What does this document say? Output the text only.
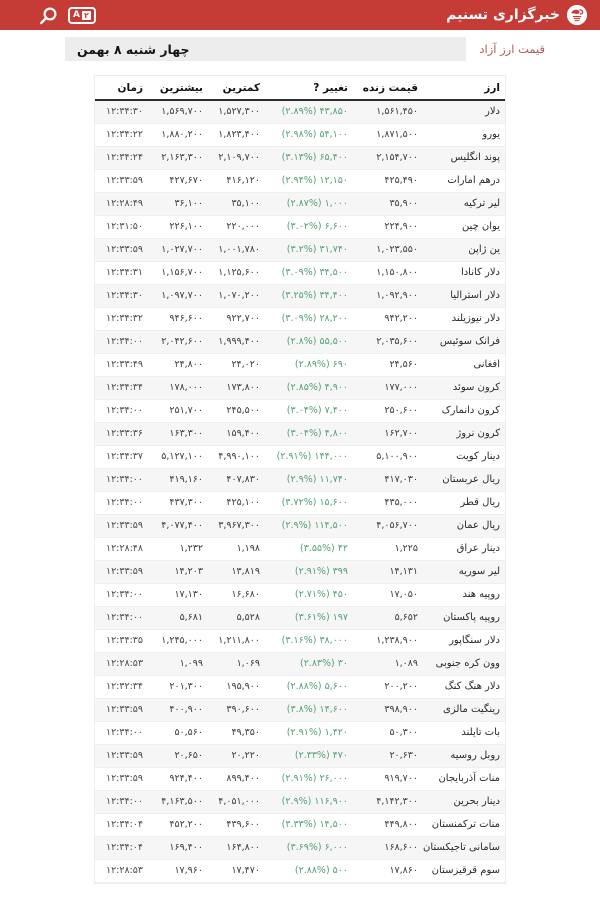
خبرگزاری تسنیم
A ٢
قیمت ارز آزاد
چهار شنبه ۸ بهمن
ارز	قیمت زنده	تغییر ?	کمترین	بیشترین	زمان
دلار	۱,۵۶۱,۴۵۰	(۲.۸۹%) ۴۳,۸۵۰	۱,۵۲۷,۳۰۰	۱,۵۶۹,۷۰۰	۱۲:۳۴:۳۰
یورو	۱,۸۷۱,۵۰۰	(۲.۹۸%) ۵۴,۱۰۰	۱,۸۲۳,۴۰۰	۱,۸۸۰,۲۰۰	۱۲:۳۴:۲۲
پوند انگلیس	۲,۱۵۴,۷۰۰	(۳.۱۳%) ۶۵,۴۰۰	۲,۱۰۹,۷۰۰	۲,۱۶۳,۳۰۰	۱۲:۳۴:۲۴
درهم امارات	۴۲۵,۴۹۰	(۲.۹۴%) ۱۲,۱۵۰	۴۱۶,۱۲۰	۴۲۷,۶۷۰	۱۲:۳۳:۵۹
لیر ترکیه	۳۵,۹۰۰	(۲.۸۷%) ۱,۰۰۰	۳۵,۱۰۰	۳۶,۱۰۰	۱۲:۲۸:۴۹
یوان چین	۲۲۴,۹۰۰	(۳.۰۲%) ۶,۶۰۰	۲۲۰,۰۰۰	۲۲۶,۱۰۰	۱۲:۳۱:۵۰
ین ژاپن	۱,۰۲۳,۵۵۰	(۳.۲%) ۳۱,۷۴۰	۱,۰۰۱,۷۸۰	۱,۰۲۷,۷۰۰	۱۲:۳۳:۵۹
دلار کانادا	۱,۱۵۰,۸۰۰	(۳.۰۹%) ۳۴,۵۰۰	۱,۱۲۵,۶۰۰	۱,۱۵۶,۷۰۰	۱۲:۳۴:۳۱
دلار استرالیا	۱,۰۹۲,۹۰۰	(۳.۲۵%) ۳۴,۴۰۰	۱,۰۷۰,۲۰۰	۱,۰۹۷,۷۰۰	۱۲:۳۴:۳۰
دلار نیوزیلند	۹۴۲,۲۰۰	(۳.۰۹%) ۲۸,۲۰۰	۹۲۲,۷۰۰	۹۴۶,۶۰۰	۱۲:۳۴:۳۲
فرانک سوئیس	۲,۰۳۵,۶۰۰	(۲.۸%) ۵۵,۵۰۰	۱,۹۹۹,۴۰۰	۲,۰۴۲,۶۰۰	۱۲:۳۴:۰۰
افغانی	۲۴,۵۶۰	(۲.۸۹%) ۶۹۰	۲۴,۰۲۰	۲۴,۸۰۰	۱۲:۳۳:۴۹
کرون سوئد	۱۷۷,۰۰۰	(۲.۸۵%) ۴,۹۰۰	۱۷۳,۸۰۰	۱۷۸,۰۰۰	۱۲:۳۴:۳۴
کرون دانمارک	۲۵۰,۶۰۰	(۳.۰۴%) ۷,۴۰۰	۲۴۵,۵۰۰	۲۵۱,۷۰۰	۱۲:۳۴:۰۰
کرون نروژ	۱۶۲,۷۰۰	(۳.۰۴%) ۴,۸۰۰	۱۵۹,۴۰۰	۱۶۳,۳۰۰	۱۲:۳۳:۳۶
دینار کویت	۵,۱۰۰,۹۰۰	(۲.۹۱%) ۱۴۴,۰۰۰	۴,۹۹۰,۱۰۰	۵,۱۲۷,۱۰۰	۱۲:۳۴:۳۷
ریال عربستان	۴۱۷,۰۳۰	(۲.۹%) ۱۱,۷۴۰	۴۰۷,۸۳۰	۴۱۹,۱۶۰	۱۲:۳۴:۰۰
ریال قطر	۴۳۵,۰۰۰	(۳.۷۲%) ۱۵,۶۰۰	۴۲۵,۱۰۰	۴۳۷,۳۰۰	۱۲:۳۴:۰۰
ریال عمان	۴,۰۵۶,۷۰۰	(۲.۹%) ۱۱۴,۵۰۰	۳,۹۶۷,۳۰۰	۴,۰۷۷,۴۰۰	۱۲:۳۳:۵۹
دینار عراق	۱,۲۲۵	(۳.۵۵%) ۴۲	۱,۱۹۸	۱,۲۳۲	۱۲:۲۸:۴۸
لیر سوریه	۱۴,۱۳۱	(۲.۹۱%) ۳۹۹	۱۳,۸۱۹	۱۴,۲۰۳	۱۲:۳۳:۵۹
روپیه هند	۱۷,۰۵۰	(۲.۷۱%) ۴۵۰	۱۶,۶۸۰	۱۷,۱۳۰	۱۲:۳۴:۰۰
روپیه پاکستان	۵,۶۵۲	(۳.۶۱%) ۱۹۷	۵,۵۲۸	۵,۶۸۱	۱۲:۳۴:۰۰
دلار سنگاپور	۱,۲۳۸,۹۰۰	(۳.۱۶%) ۳۸,۰۰۰	۱,۲۱۱,۸۰۰	۱,۲۴۵,۰۰۰	۱۲:۳۴:۳۵
وون کره جنوبی	۱,۰۸۹	(۲.۸۳%) ۳۰	۱,۰۶۹	۱,۰۹۹	۱۲:۲۸:۵۳
دلار هنگ کنگ	۲۰۰,۲۰۰	(۲.۸۸%) ۵,۶۰۰	۱۹۵,۹۰۰	۲۰۱,۳۰۰	۱۲:۳۲:۳۴
رینگیت مالزی	۳۹۸,۹۰۰	(۳.۸%) ۱۴,۶۰۰	۳۹۰,۶۰۰	۴۰۰,۹۰۰	۱۲:۳۳:۵۹
بات تایلند	۵۰,۳۰۰	(۲.۹۱%) ۱,۴۲۰	۴۹,۳۵۰	۵۰,۵۶۰	۱۲:۳۴:۰۰
روبل روسیه	۲۰,۶۳۰	(۲.۳۳%) ۴۷۰	۲۰,۲۲۰	۲۰,۶۵۰	۱۲:۳۳:۵۹
منات آذربایجان	۹۱۹,۷۰۰	(۲.۹۱%) ۲۶,۰۰۰	۸۹۹,۴۰۰	۹۲۴,۴۰۰	۱۲:۳۳:۵۹
دینار بحرین	۴,۱۴۲,۳۰۰	(۲.۹%) ۱۱۶,۹۰۰	۴,۰۵۱,۰۰۰	۴,۱۶۳,۵۰۰	۱۲:۳۴:۰۰
منات ترکمنستان	۴۴۹,۸۰۰	(۳.۳۳%) ۱۴,۵۰۰	۴۳۹,۶۰۰	۴۵۲,۲۰۰	۱۲:۳۴:۰۴
سامانی تاجیکستان	۱۶۸,۶۰۰	(۳.۶۹%) ۶,۰۰۰	۱۶۴,۸۰۰	۱۶۹,۴۰۰	۱۲:۳۴:۰۴
سوم قرقیزستان	۱۷,۸۶۰	(۲.۸۸%) ۵۰۰	۱۷,۴۷۰	۱۷,۹۶۰	۱۲:۲۸:۵۳
